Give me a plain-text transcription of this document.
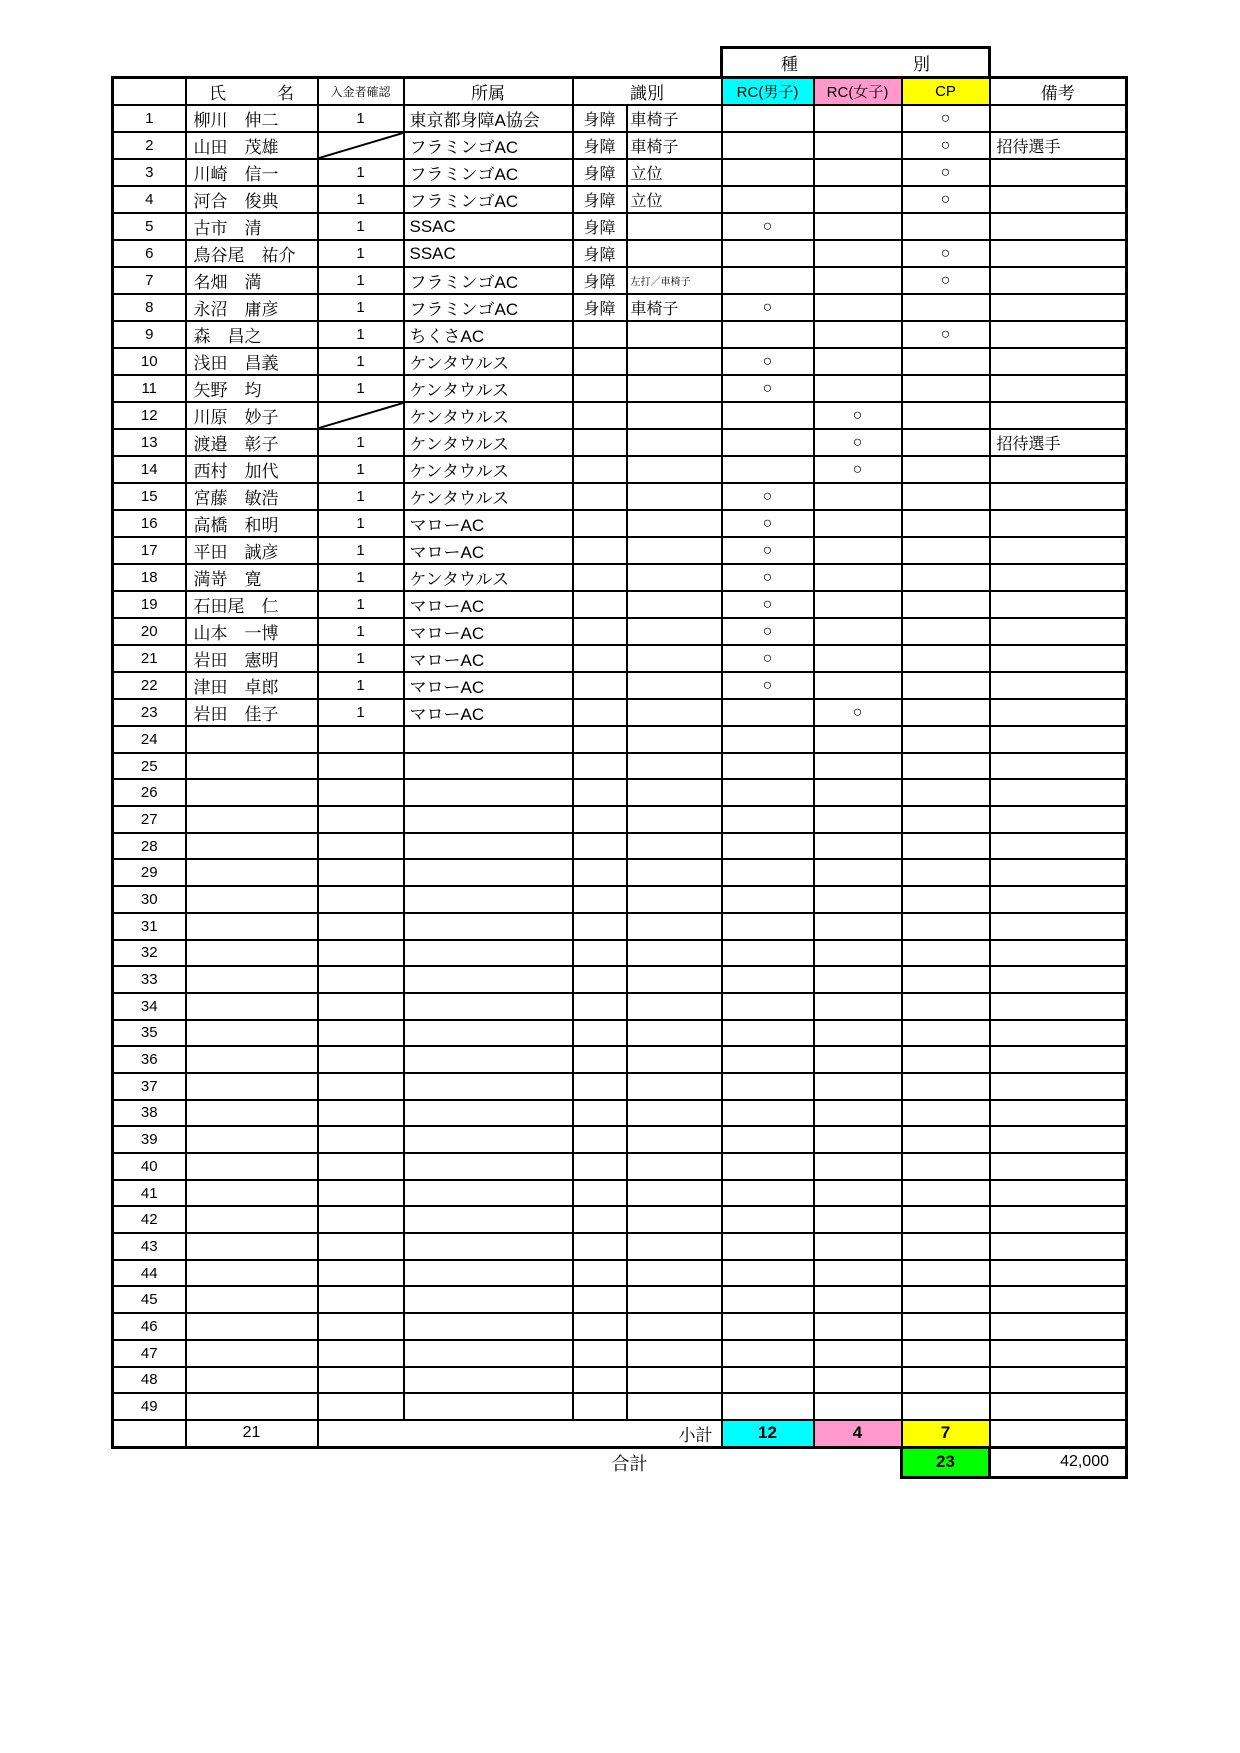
						種 別			

	氏　　　名	入金者確認	所属	識別		RC(男子)	RC(女子)	CP	備考
1	柳川　伸二	1	東京都身障A協会	身障	車椅子			○	
2	山田　茂雄		フラミンゴAC	身障	車椅子			○	招待選手
3	川崎　信一	1	フラミンゴAC	身障	立位			○	
4	河合　俊典	1	フラミンゴAC	身障	立位			○	
5	古市　清	1	SSAC	身障		○			
6	鳥谷尾　祐介	1	SSAC	身障				○	
7	名畑　満	1	フラミンゴAC	身障	左打／車椅子			○	
8	永沼　庸彦	1	フラミンゴAC	身障	車椅子	○			
9	森　昌之	1	ちくさAC					○	
10	浅田　昌義	1	ケンタウルス			○			
11	矢野　均	1	ケンタウルス			○			
12	川原　妙子		ケンタウルス				○		
13	渡邉　彰子	1	ケンタウルス				○		招待選手
14	西村　加代	1	ケンタウルス				○		
15	宮藤　敏浩	1	ケンタウルス			○			
16	高橋　和明	1	マローAC			○			
17	平田　誠彦	1	マローAC			○			
18	満嵜　寛	1	ケンタウルス			○			
19	石田尾　仁	1	マローAC			○			
20	山本　一博	1	マローAC			○			
21	岩田　憲明	1	マローAC			○			
22	津田　卓郎	1	マローAC			○			
23	岩田　佳子	1	マローAC				○		
24									
25									
26									
27									
28									
29									
30									
31									
32									
33									
34									
35									
36									
37									
38									
39									
40									
41									
42									
43									
44									
45									
46									
47									
48									
49									
	21	小計				12	4	7	
合計								23	42,000
